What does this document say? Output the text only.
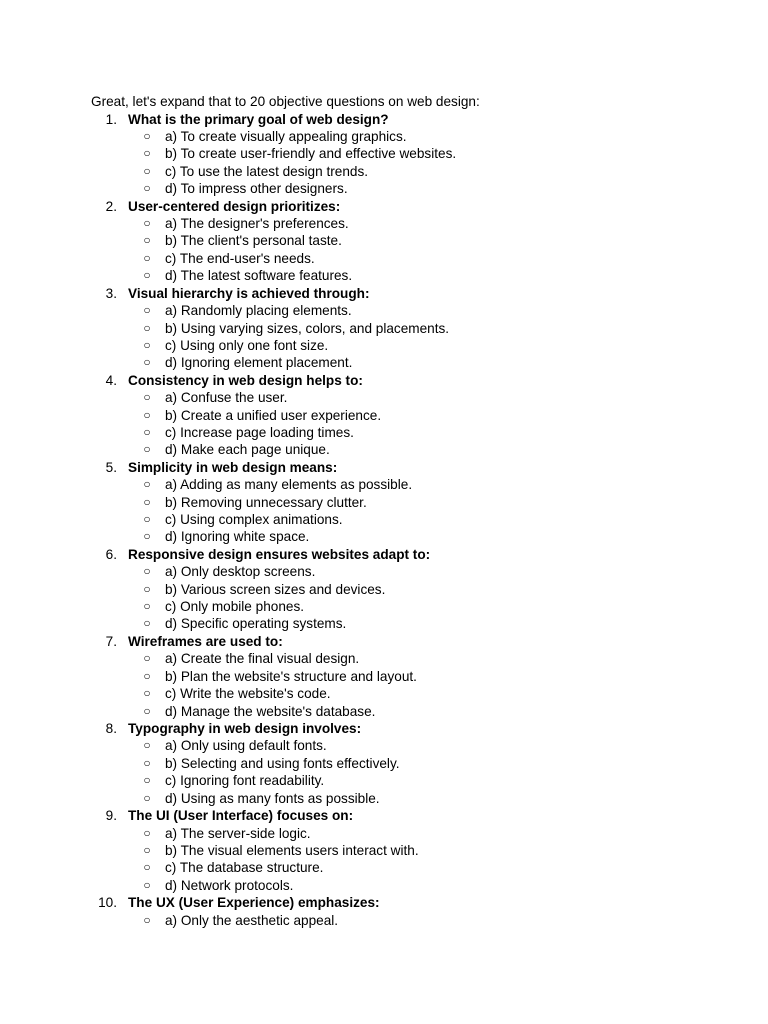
Great, let's expand that to 20 objective questions on web design:
1. What is the primary goal of web design?
○ a) To create visually appealing graphics.
○ b) To create user-friendly and effective websites.
○ c) To use the latest design trends.
○ d) To impress other designers.
2. User-centered design prioritizes:
○ a) The designer's preferences.
○ b) The client's personal taste.
○ c) The end-user's needs.
○ d) The latest software features.
3. Visual hierarchy is achieved through:
○ a) Randomly placing elements.
○ b) Using varying sizes, colors, and placements.
○ c) Using only one font size.
○ d) Ignoring element placement.
4. Consistency in web design helps to:
○ a) Confuse the user.
○ b) Create a unified user experience.
○ c) Increase page loading times.
○ d) Make each page unique.
5. Simplicity in web design means:
○ a) Adding as many elements as possible.
○ b) Removing unnecessary clutter.
○ c) Using complex animations.
○ d) Ignoring white space.
6. Responsive design ensures websites adapt to:
○ a) Only desktop screens.
○ b) Various screen sizes and devices.
○ c) Only mobile phones.
○ d) Specific operating systems.
7. Wireframes are used to:
○ a) Create the final visual design.
○ b) Plan the website's structure and layout.
○ c) Write the website's code.
○ d) Manage the website's database.
8. Typography in web design involves:
○ a) Only using default fonts.
○ b) Selecting and using fonts effectively.
○ c) Ignoring font readability.
○ d) Using as many fonts as possible.
9. The UI (User Interface) focuses on:
○ a) The server-side logic.
○ b) The visual elements users interact with.
○ c) The database structure.
○ d) Network protocols.
10. The UX (User Experience) emphasizes:
○ a) Only the aesthetic appeal.
